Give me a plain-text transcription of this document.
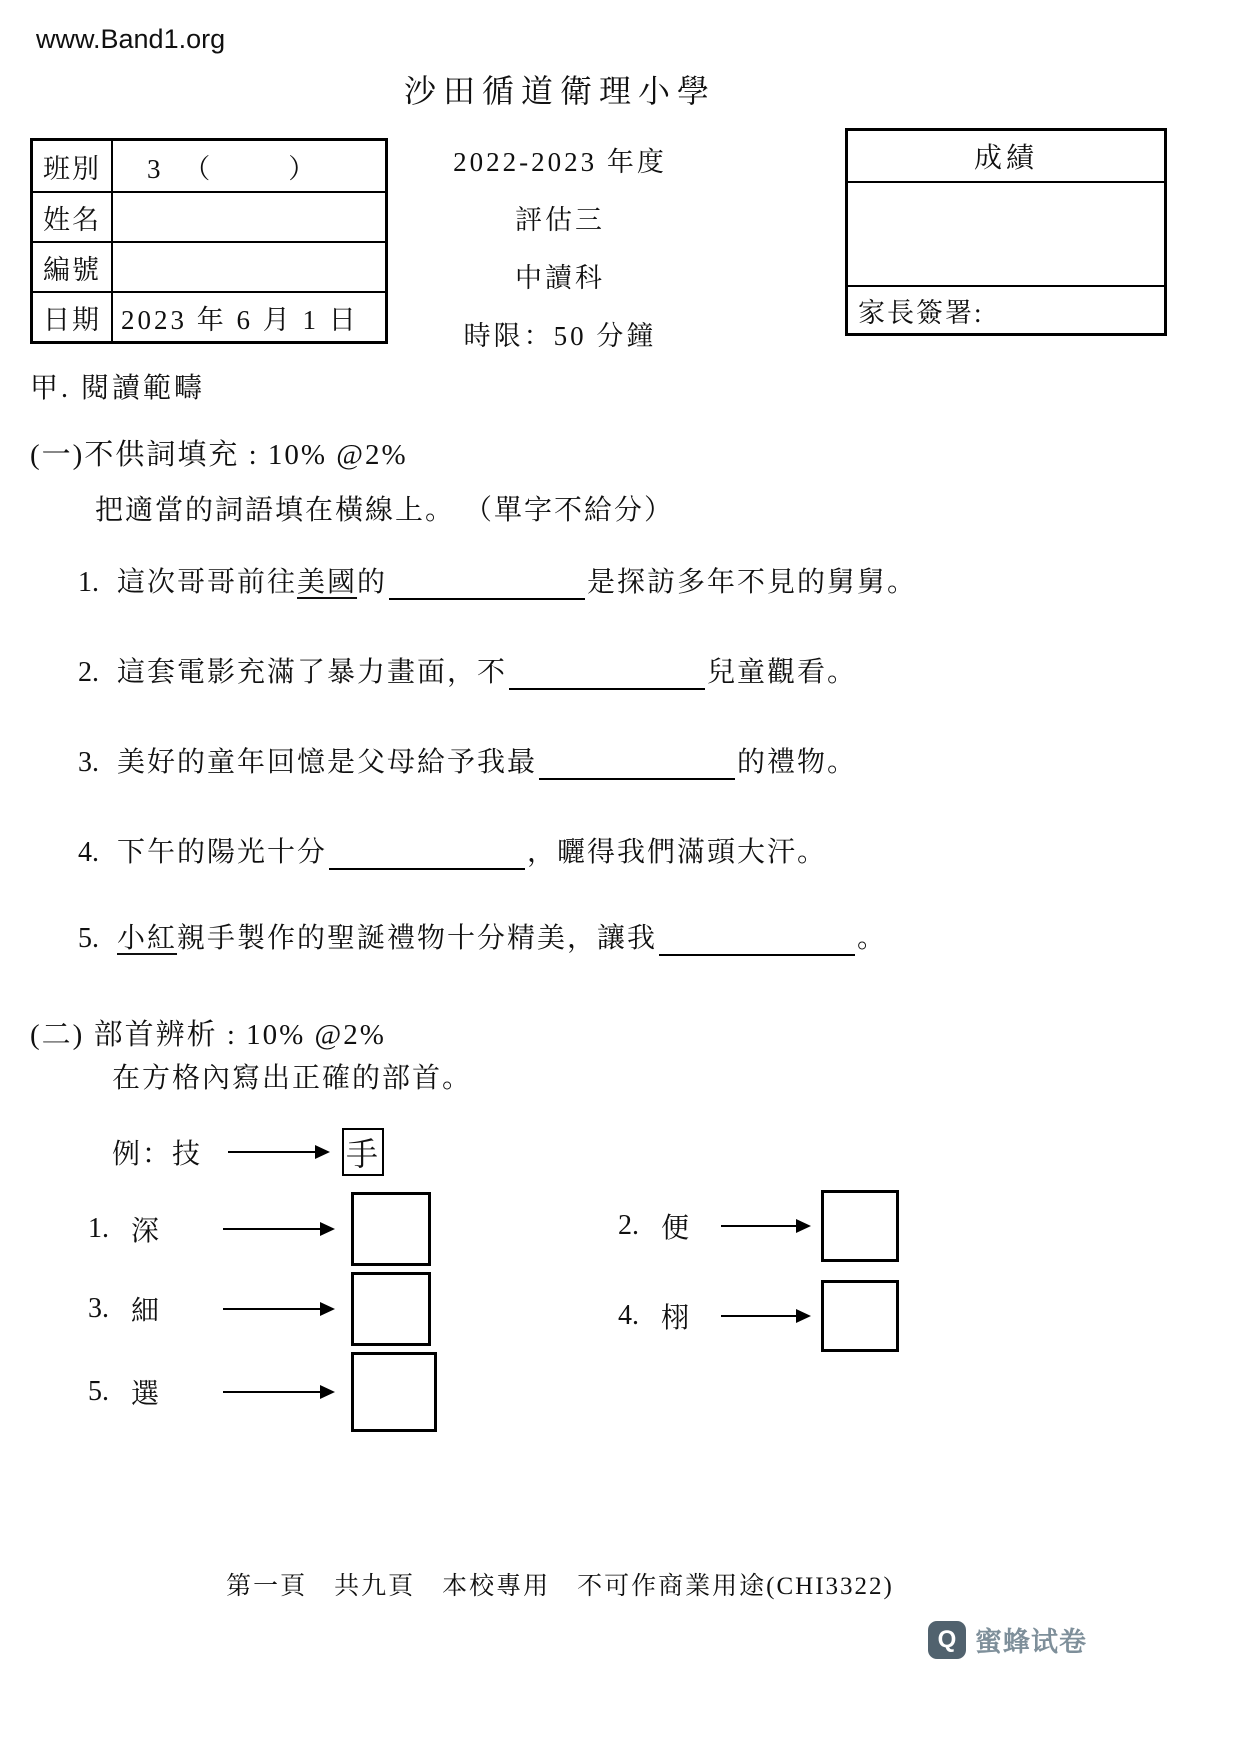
www.Band1.org
沙田循道衛理小學
班別	3 （　　）
姓名
編號
日期 2023 年 6 月 1 日
2022-2023 年度
評估三
中讀科
時限：50 分鐘
成績
家長簽署:
甲. 閱讀範疇
(一)不供詞填充 : 10% @2%
把適當的詞語填在橫線上。 （單字不給分）
1. 這次哥哥前往美國的	是探訪多年不見的舅舅。
2. 這套電影充滿了暴力畫面，不	兒童觀看。
3. 美好的童年回憶是父母給予我最	的禮物。
4. 下午的陽光十分	，曬得我們滿頭大汗。
5. 小紅親手製作的聖誕禮物十分精美，讓我	。
(二) 部首辨析 : 10% @2%
在方格內寫出正確的部首。
例：技	手
1. 深
3. 細
5. 選
2. 便
4. 栩
第一頁　共九頁　本校專用　不可作商業用途(CHI3322)
Q 蜜蜂试卷
